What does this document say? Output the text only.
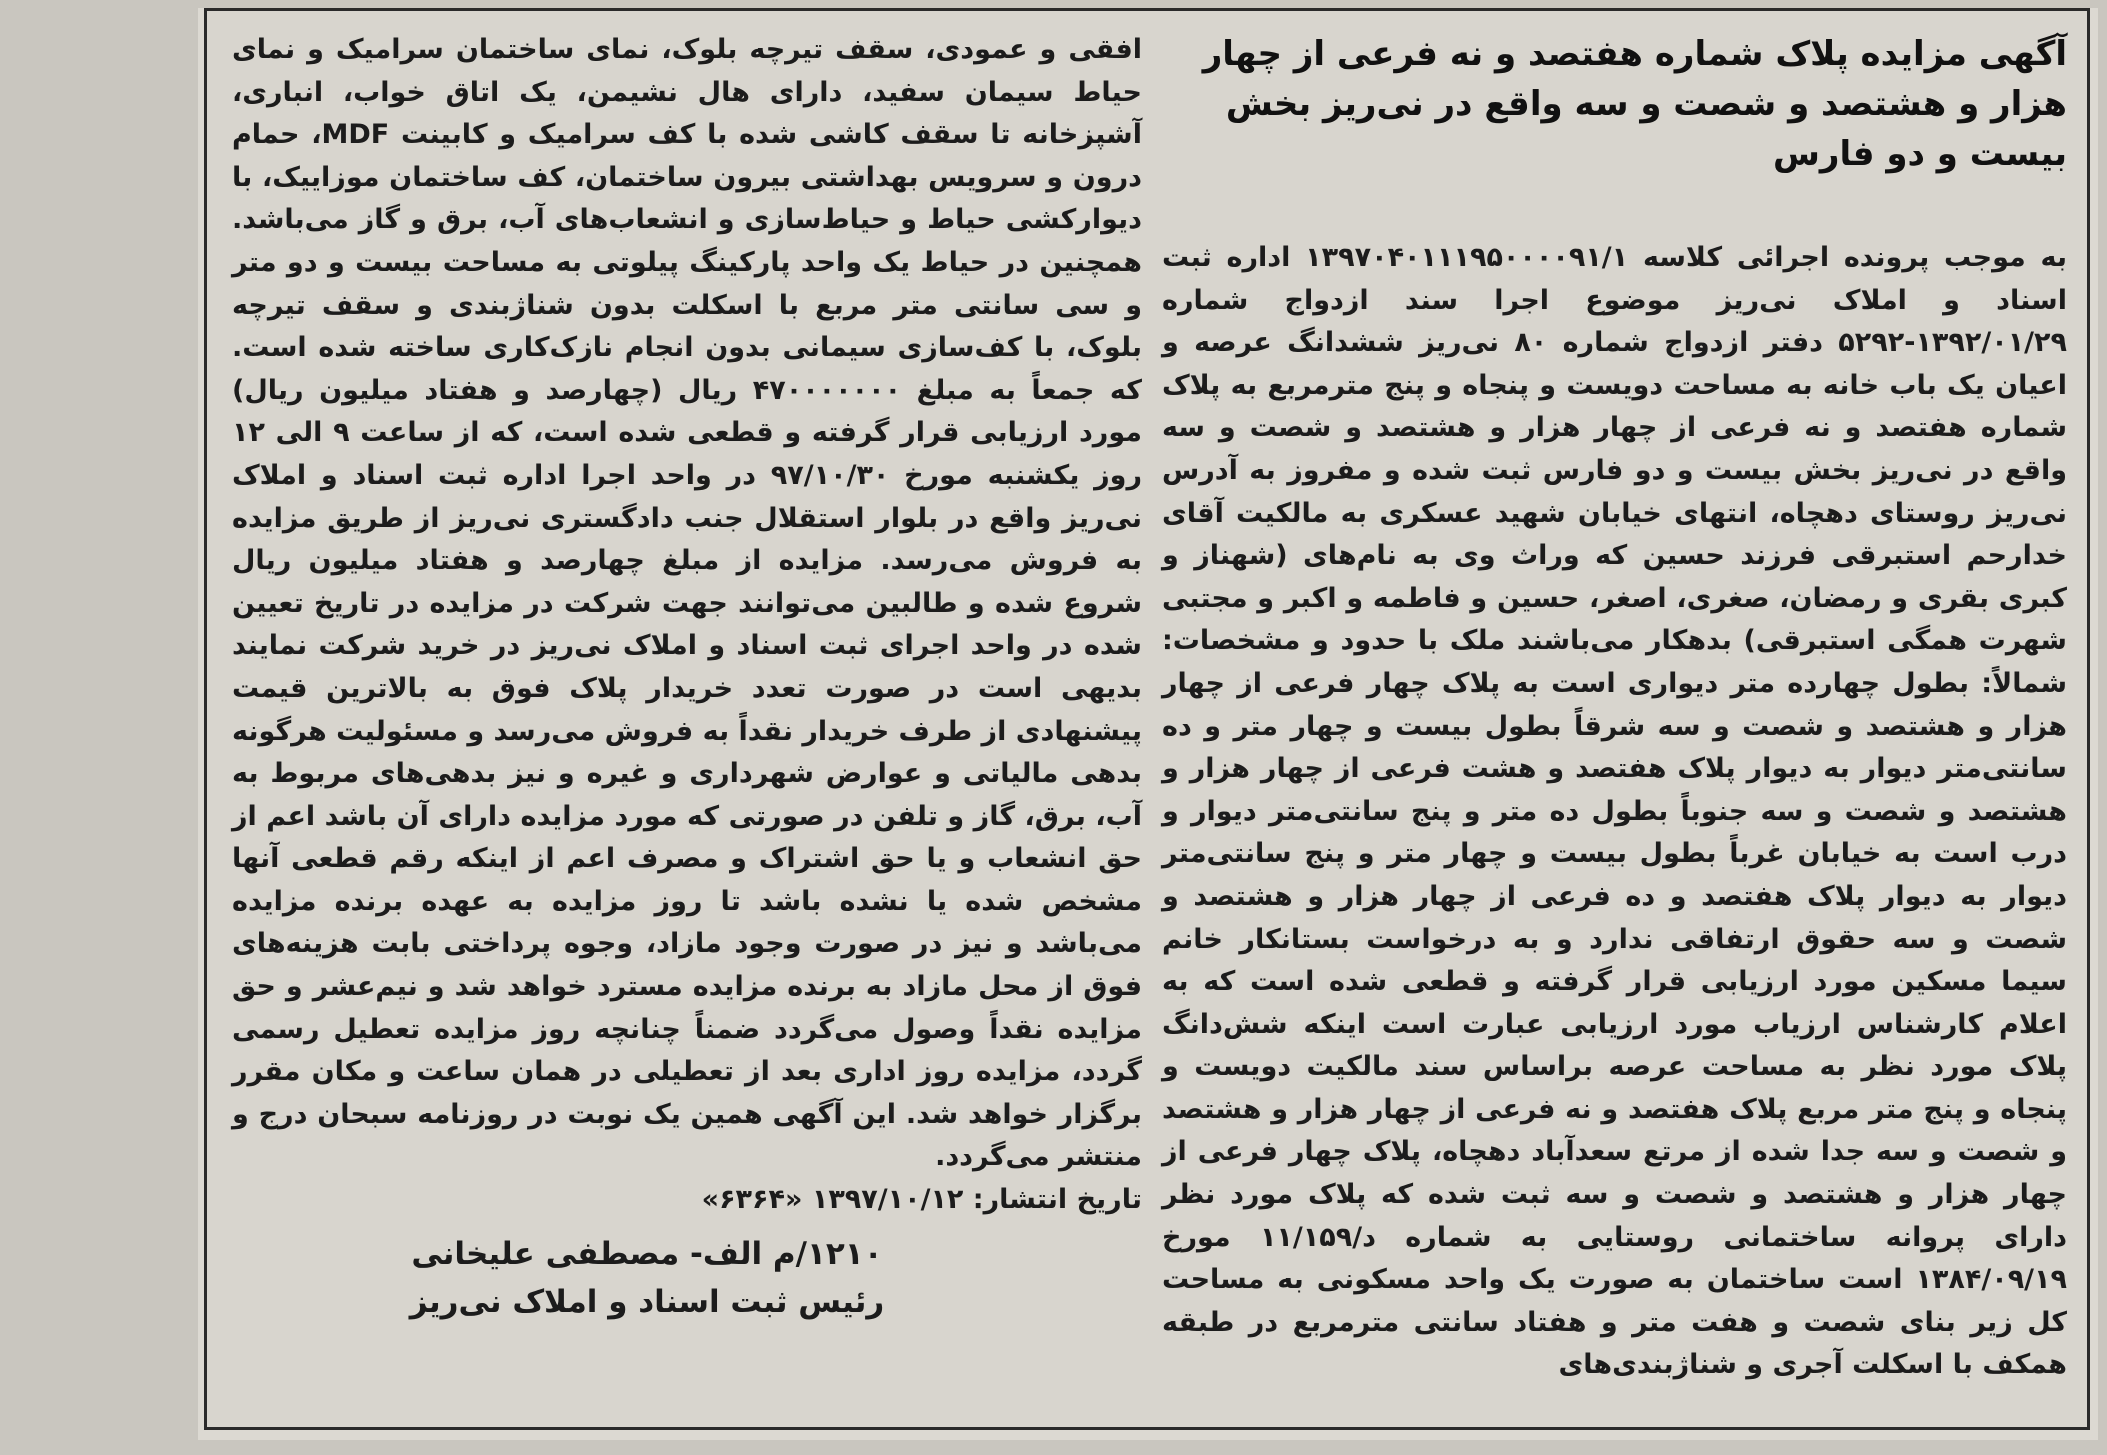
آگهی مزایده پلاک شماره هفتصد و نه فرعی از چهار هزار و هشتصد و شصت و سه واقع در نی‌ریز بخش بیست و دو فارس

به موجب پرونده اجرائی کلاسه ۱۳۹۷۰۴۰۱۱۱۹۵۰۰۰۰۹۱/۱ اداره ثبت اسناد و املاک نی‌ریز موضوع اجرا سند ازدواج شماره ۱۳۹۲/۰۱/۲۹-۵۲۹۲ دفتر ازدواج شماره ۸۰ نی‌ریز ششدانگ عرصه و اعیان یک باب خانه به مساحت دویست و پنجاه و پنج مترمربع به پلاک شماره هفتصد و نه فرعی از چهار هزار و هشتصد و شصت و سه واقع در نی‌ریز بخش بیست و دو فارس ثبت شده و مفروز به آدرس نی‌ریز روستای دهچاه، انتهای خیابان شهید عسکری به مالکیت آقای خدارحم استبرقی فرزند حسین که وراث وی به نام‌های (شهناز و کبری بقری و رمضان، صغری، اصغر، حسین و فاطمه و اکبر و مجتبی شهرت همگی استبرقی) بدهکار می‌باشند ملک با حدود و مشخصات: شمالاً: بطول چهارده متر دیواری است به پلاک چهار فرعی از چهار هزار و هشتصد و شصت و سه شرقاً بطول بیست و چهار متر و ده سانتی‌متر دیوار به دیوار پلاک هفتصد و هشت فرعی از چهار هزار و هشتصد و شصت و سه جنوباً بطول ده متر و پنج سانتی‌متر دیوار و درب است به خیابان غرباً بطول بیست و چهار متر و پنج سانتی‌متر دیوار به دیوار پلاک هفتصد و ده فرعی از چهار هزار و هشتصد و شصت و سه حقوق ارتفاقی ندارد و به درخواست بستانکار خانم سیما مسکین مورد ارزیابی قرار گرفته و قطعی شده است که به اعلام کارشناس ارزیاب مورد ارزیابی عبارت است اینکه شش‌دانگ پلاک مورد نظر به مساحت عرصه براساس سند مالکیت دویست و پنجاه و پنج متر مربع پلاک هفتصد و نه فرعی از چهار هزار و هشتصد و شصت و سه جدا شده از مرتع سعدآباد دهچاه، پلاک چهار فرعی از چهار هزار و هشتصد و شصت و سه ثبت شده که پلاک مورد نظر دارای پروانه ساختمانی روستایی به شماره د/۱۱/۱۵۹ مورخ ۱۳۸۴/۰۹/۱۹ است ساختمان به صورت یک واحد مسکونی به مساحت کل زیر بنای شصت و هفت متر و هفتاد سانتی مترمربع در طبقه همکف با اسکلت آجری و شناژبندی‌های

افقی و عمودی، سقف تیرچه بلوک، نمای ساختمان سرامیک و نمای حیاط سیمان سفید، دارای هال نشیمن، یک اتاق خواب، انباری، آشپزخانه تا سقف کاشی شده با کف سرامیک و کابینت MDF، حمام درون و سرویس بهداشتی بیرون ساختمان، کف ساختمان موزاییک، با دیوارکشی حیاط و حیاط‌سازی و انشعاب‌های آب، برق و گاز می‌باشد. همچنین در حیاط یک واحد پارکینگ پیلوتی به مساحت بیست و دو متر و سی سانتی متر مربع با اسکلت بدون شناژبندی و سقف تیرچه بلوک، با کف‌سازی سیمانی بدون انجام نازک‌کاری ساخته شده است. که جمعاً به مبلغ ۴۷۰۰۰۰۰۰۰ ریال (چهارصد و هفتاد میلیون ریال) مورد ارزیابی قرار گرفته و قطعی شده است، که از ساعت ۹ الی ۱۲ روز یکشنبه مورخ ۹۷/۱۰/۳۰ در واحد اجرا اداره ثبت اسناد و املاک نی‌ریز واقع در بلوار استقلال جنب دادگستری نی‌ریز از طریق مزایده به فروش می‌رسد. مزایده از مبلغ چهارصد و هفتاد میلیون ریال شروع شده و طالبین می‌توانند جهت شرکت در مزایده در تاریخ تعیین شده در واحد اجرای ثبت اسناد و املاک نی‌ریز در خرید شرکت نمایند بدیهی است در صورت تعدد خریدار پلاک فوق به بالاترین قیمت پیشنهادی از طرف خریدار نقداً به فروش می‌رسد و مسئولیت هرگونه بدهی مالیاتی و عوارض شهرداری و غیره و نیز بدهی‌های مربوط به آب، برق، گاز و تلفن در صورتی که مورد مزایده دارای آن باشد اعم از حق انشعاب و یا حق اشتراک و مصرف اعم از اینکه رقم قطعی آنها مشخص شده یا نشده باشد تا روز مزایده به عهده برنده مزایده می‌باشد و نیز در صورت وجود مازاد، وجوه پرداختی بابت هزینه‌های فوق از محل مازاد به برنده مزایده مسترد خواهد شد و نیم‌عشر و حق مزایده نقداً وصول می‌گردد ضمناً چنانچه روز مزایده تعطیل رسمی گردد، مزایده روز اداری بعد از تعطیلی در همان ساعت و مکان مقرر برگزار خواهد شد. این آگهی همین یک نوبت در روزنامه سبحان درج و منتشر می‌گردد.

تاریخ انتشار: ۱۳۹۷/۱۰/۱۲ «۶۳۶۴»

۱۲۱۰/م الف- مصطفی علیخانی
رئیس ثبت اسناد و املاک نی‌ریز
